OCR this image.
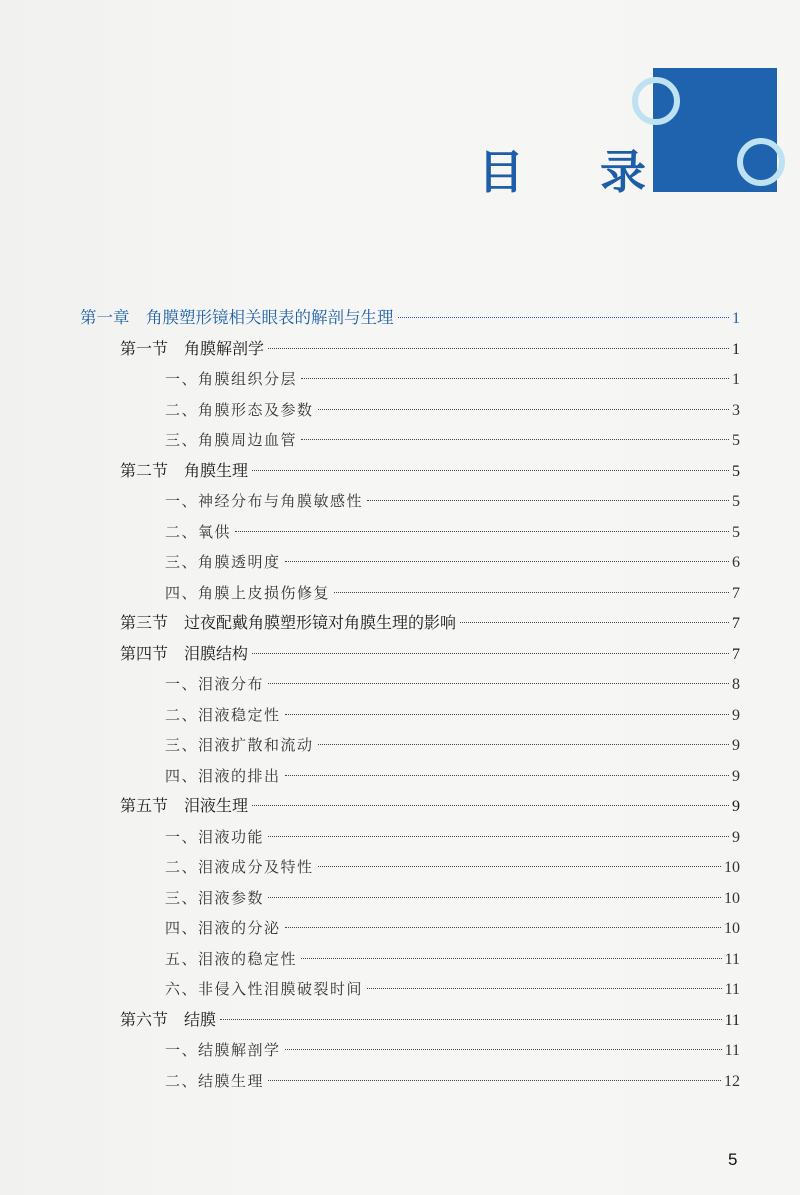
目 录
第一章　角膜塑形镜相关眼表的解剖与生理	1
第一节　角膜解剖学	1
一、角膜组织分层	1
二、角膜形态及参数	3
三、角膜周边血管	5
第二节　角膜生理	5
一、神经分布与角膜敏感性	5
二、氧供	5
三、角膜透明度	6
四、角膜上皮损伤修复	7
第三节　过夜配戴角膜塑形镜对角膜生理的影响	7
第四节　泪膜结构	7
一、泪液分布	8
二、泪液稳定性	9
三、泪液扩散和流动	9
四、泪液的排出	9
第五节　泪液生理	9
一、泪液功能	9
二、泪液成分及特性	10
三、泪液参数	10
四、泪液的分泌	10
五、泪液的稳定性	11
六、非侵入性泪膜破裂时间	11
第六节　结膜	11
一、结膜解剖学	11
二、结膜生理	12
5
